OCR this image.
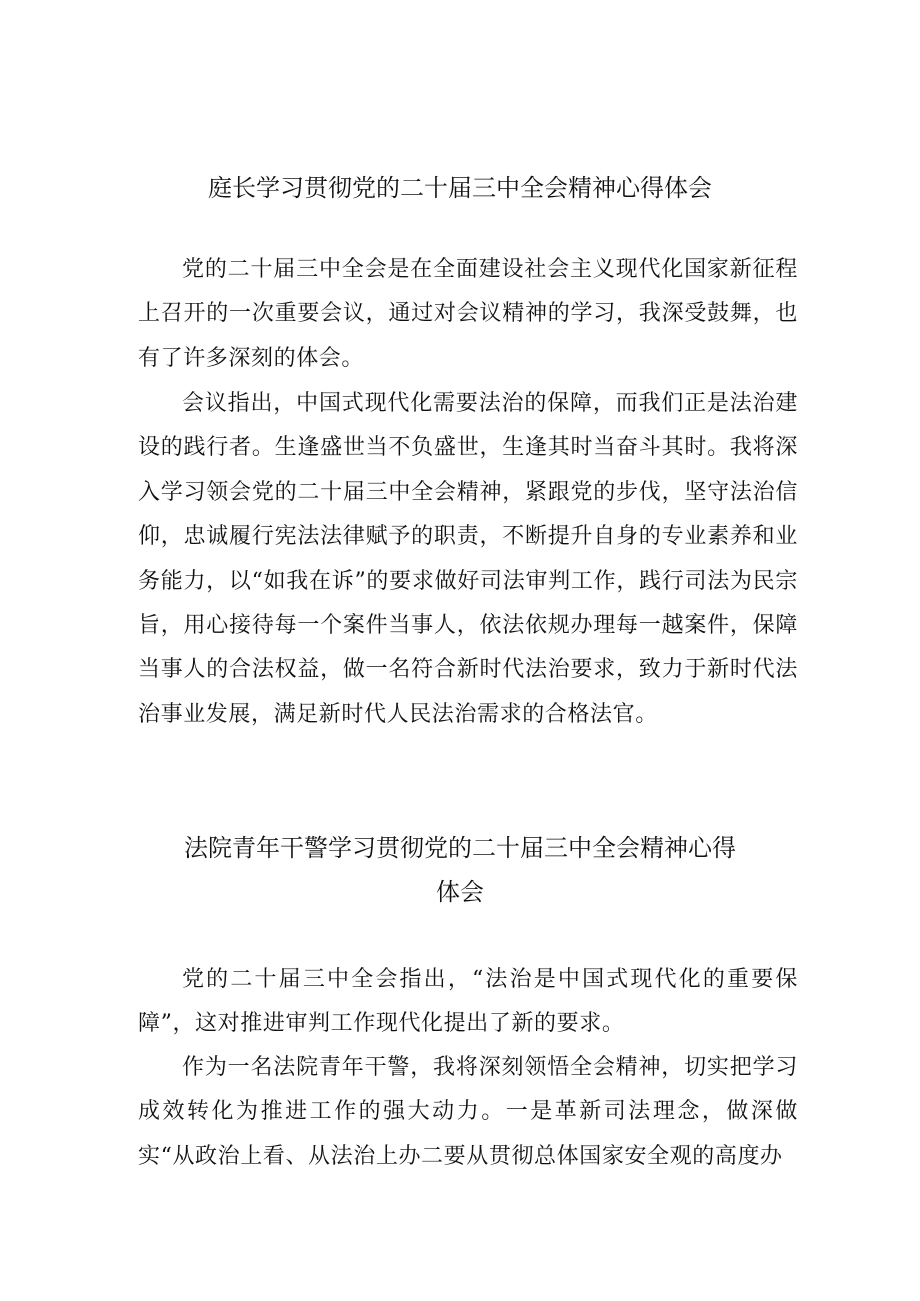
庭长学习贯彻党的二十届三中全会精神心得体会

党的二十届三中全会是在全面建设社会主义现代化国家新征程上召开的一次重要会议，通过对会议精神的学习，我深受鼓舞，也有了许多深刻的体会。

会议指出，中国式现代化需要法治的保障，而我们正是法治建设的践行者。生逢盛世当不负盛世，生逢其时当奋斗其时。我将深入学习领会党的二十届三中全会精神，紧跟党的步伐，坚守法治信仰，忠诚履行宪法法律赋予的职责，不断提升自身的专业素养和业务能力，以“如我在诉”的要求做好司法审判工作，践行司法为民宗旨，用心接待每一个案件当事人，依法依规办理每一越案件，保障当事人的合法权益，做一名符合新时代法治要求，致力于新时代法治事业发展，满足新时代人民法治需求的合格法官。

法院青年干警学习贯彻党的二十届三中全会精神心得
体会

党的二十届三中全会指出，“法治是中国式现代化的重要保障”，这对推进审判工作现代化提出了新的要求。

作为一名法院青年干警，我将深刻领悟全会精神，切实把学习成效转化为推进工作的强大动力。一是革新司法理念，做深做实“从政治上看、从法治上办二要从贯彻总体国家安全观的高度办
